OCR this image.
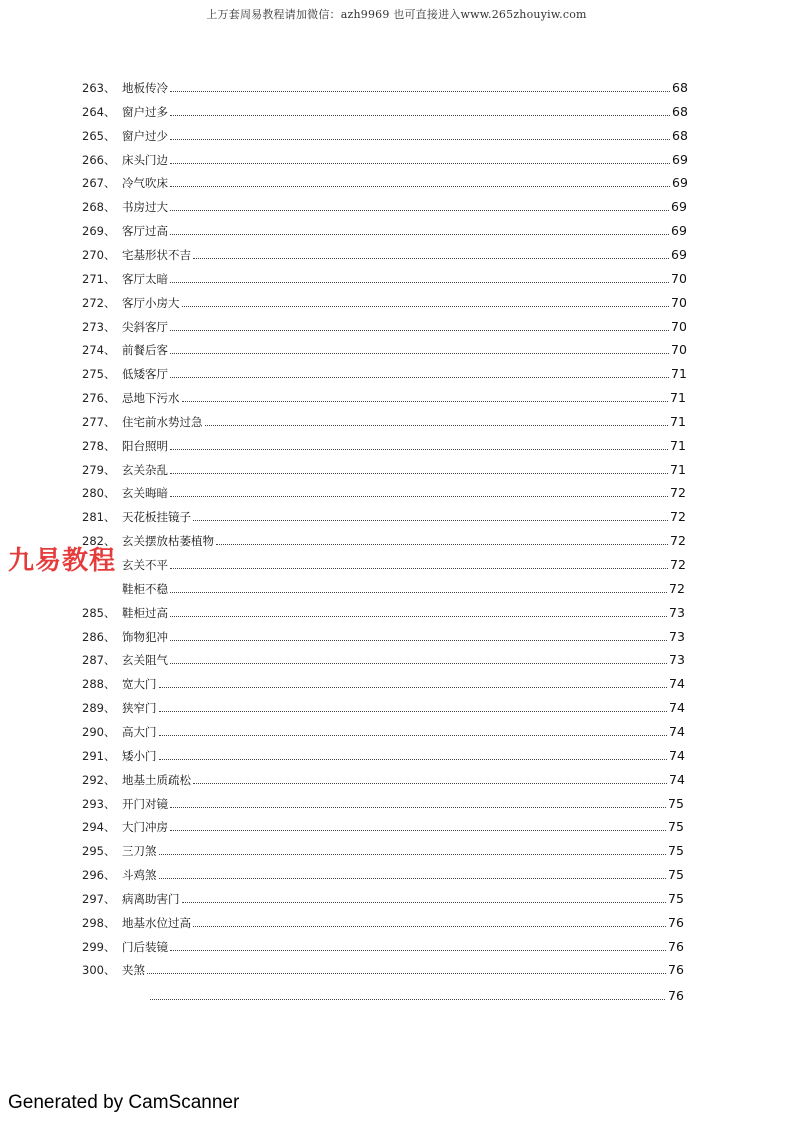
上万套周易教程请加微信：azh9969 也可直接进入www.265zhouyiw.com
263、 地板传冷	68
264、 窗户过多	68
265、 窗户过少	68
266、 床头门边	69
267、 冷气吹床	69
268、 书房过大	69
269、 客厅过高	69
270、 宅基形状不吉	69
271、 客厅太暗	70
272、 客厅小房大	70
273、 尖斜客厅	70
274、 前餐后客	70
275、 低矮客厅	71
276、 忌地下污水	71
277、 住宅前水势过急	71
278、 阳台照明	71
279、 玄关杂乱	71
280、 玄关晦暗	72
281、 天花板挂镜子	72
282、 玄关摆放枯萎植物	72
玄关不平	72
鞋柜不稳	72
285、 鞋柜过高	73
286、 饰物犯冲	73
287、 玄关阻气	73
288、 宽大门	74
289、 狭窄门	74
290、 高大门	74
291、 矮小门	74
292、 地基土质疏松	74
293、 开门对镜	75
294、 大门冲房	75
295、 三刀煞	75
296、 斗鸡煞	75
297、 病离助害门	75
298、 地基水位过高	76
299、 门后装镜	76
300、 夹煞	76
76
九易教程
Generated by CamScanner
